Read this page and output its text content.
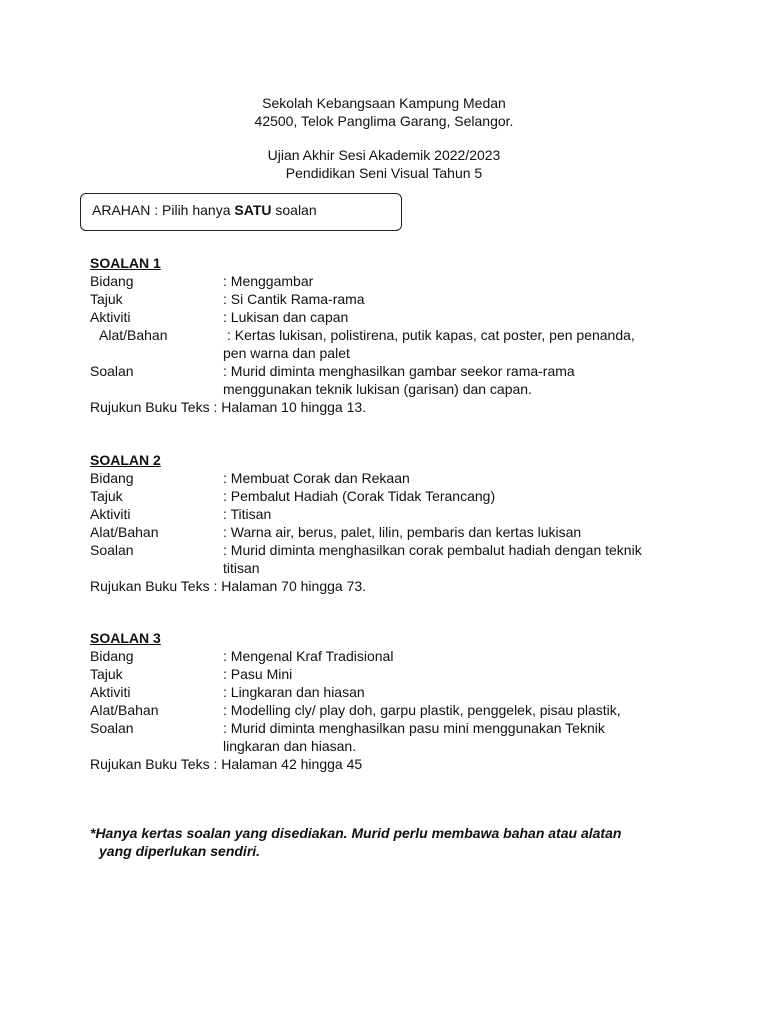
Sekolah Kebangsaan Kampung Medan
42500, Telok Panglima Garang, Selangor.
Ujian Akhir Sesi Akademik 2022/2023
Pendidikan Seni Visual Tahun 5
ARAHAN : Pilih hanya SATU soalan
SOALAN 1
Bidang	: Menggambar
Tajuk	: Si Cantik Rama-rama
Aktiviti	: Lukisan dan capan
Alat/Bahan	: Kertas lukisan, polistirena, putik kapas, cat poster, pen penanda,
pen warna dan palet
Soalan	: Murid diminta menghasilkan gambar seekor rama-rama
menggunakan teknik lukisan (garisan) dan capan.
Rujukun Buku Teks : Halaman 10 hingga 13.
SOALAN 2
Bidang	: Membuat Corak dan Rekaan
Tajuk	: Pembalut Hadiah (Corak Tidak Terancang)
Aktiviti	: Titisan
Alat/Bahan	: Warna air, berus, palet, lilin, pembaris dan kertas lukisan
Soalan	: Murid diminta menghasilkan corak pembalut hadiah dengan teknik
titisan
Rujukan Buku Teks : Halaman 70 hingga 73.
SOALAN 3
Bidang	: Mengenal Kraf Tradisional
Tajuk	: Pasu Mini
Aktiviti	: Lingkaran dan hiasan
Alat/Bahan	: Modelling cly/ play doh, garpu plastik, penggelek, pisau plastik,
Soalan	: Murid diminta menghasilkan pasu mini menggunakan Teknik
lingkaran dan hiasan.
Rujukan Buku Teks : Halaman 42 hingga 45
*Hanya kertas soalan yang disediakan. Murid perlu membawa bahan atau alatan
yang diperlukan sendiri.
